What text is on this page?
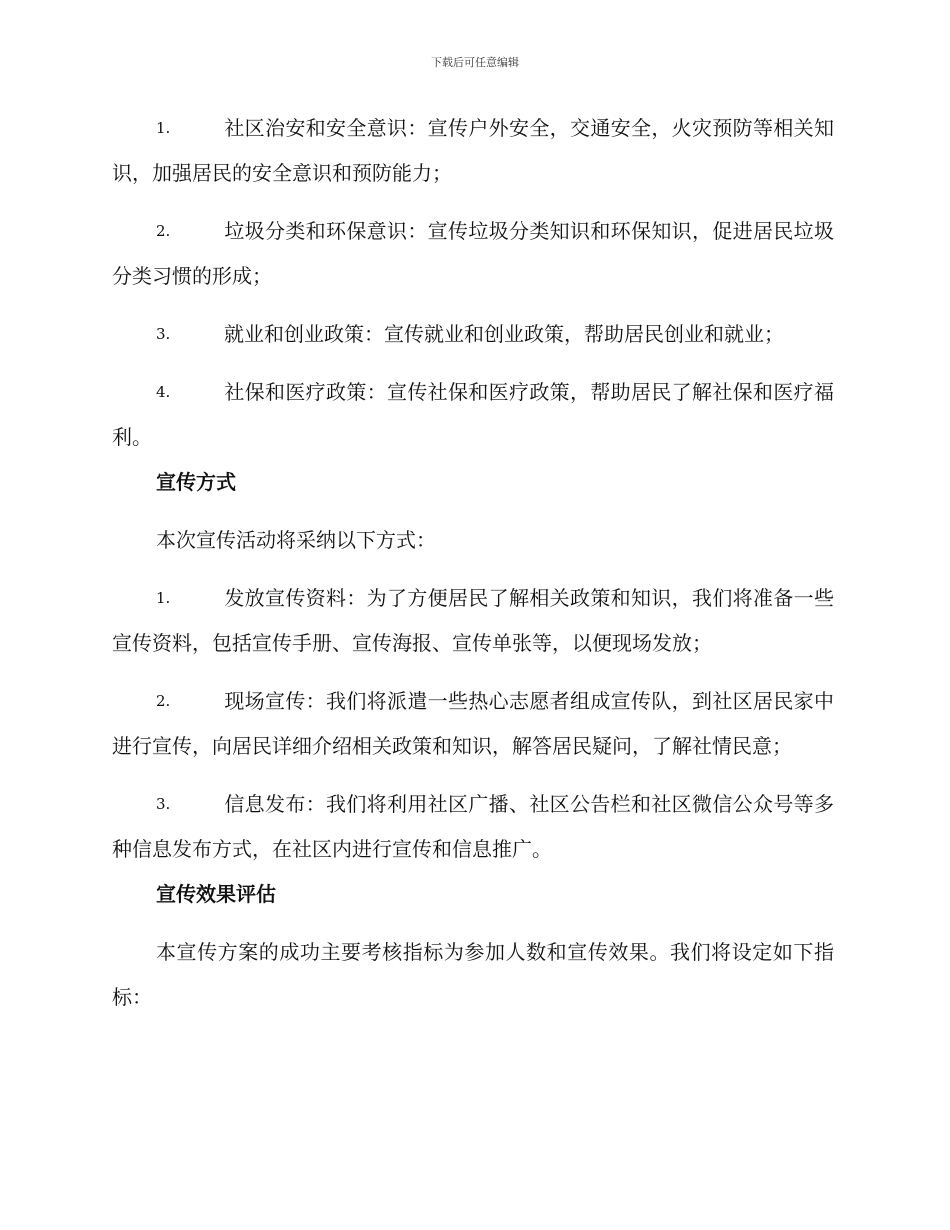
下载后可任意编辑

1.	社区治安和安全意识：宣传户外安全，交通安全，火灾预防等相关知识，加强居民的安全意识和预防能力；

2.	垃圾分类和环保意识：宣传垃圾分类知识和环保知识，促进居民垃圾分类习惯的形成；

3.	就业和创业政策：宣传就业和创业政策，帮助居民创业和就业；

4.	社保和医疗政策：宣传社保和医疗政策，帮助居民了解社保和医疗福利。

宣传方式

本次宣传活动将采纳以下方式：

1.	发放宣传资料：为了方便居民了解相关政策和知识，我们将准备一些宣传资料，包括宣传手册、宣传海报、宣传单张等，以便现场发放；

2.	现场宣传：我们将派遣一些热心志愿者组成宣传队，到社区居民家中进行宣传，向居民详细介绍相关政策和知识，解答居民疑问，了解社情民意；

3.	信息发布：我们将利用社区广播、社区公告栏和社区微信公众号等多种信息发布方式，在社区内进行宣传和信息推广。

宣传效果评估

本宣传方案的成功主要考核指标为参加人数和宣传效果。我们将设定如下指标：
